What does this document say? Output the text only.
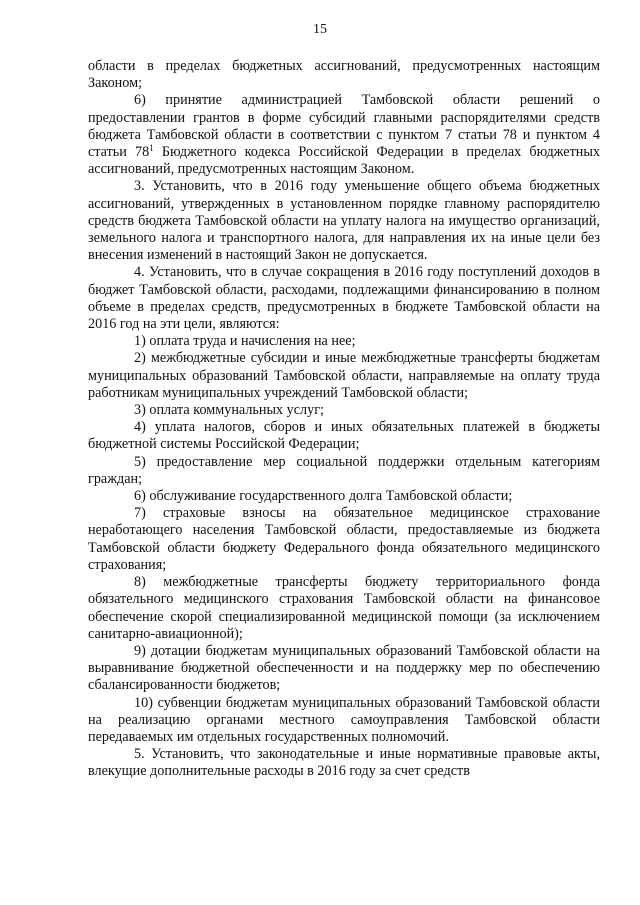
15

области в пределах бюджетных ассигнований, предусмотренных настоящим Законом;

6) принятие администрацией Тамбовской области решений о предоставлении грантов в форме субсидий главными распорядителями средств бюджета Тамбовской области в соответствии с пунктом 7 статьи 78 и пунктом 4 статьи $78^1$ Бюджетного кодекса Российской Федерации в пределах бюджетных ассигнований, предусмотренных настоящим Законом.

3. Установить, что в 2016 году уменьшение общего объема бюджетных ассигнований, утвержденных в установленном порядке главному распорядителю средств бюджета Тамбовской области на уплату налога на имущество организаций, земельного налога и транспортного налога, для направления их на иные цели без внесения изменений в настоящий Закон не допускается.

4. Установить, что в случае сокращения в 2016 году поступлений доходов в бюджет Тамбовской области, расходами, подлежащими финансированию в полном объеме в пределах средств, предусмотренных в бюджете Тамбовской области на 2016 год на эти цели, являются:

1) оплата труда и начисления на нее;

2) межбюджетные субсидии и иные межбюджетные трансферты бюджетам муниципальных образований Тамбовской области, направляемые на оплату труда работникам муниципальных учреждений Тамбовской области;

3) оплата коммунальных услуг;

4) уплата налогов, сборов и иных обязательных платежей в бюджеты бюджетной системы Российской Федерации;

5) предоставление мер социальной поддержки отдельным категориям граждан;

6) обслуживание государственного долга Тамбовской области;

7) страховые взносы на обязательное медицинское страхование неработающего населения Тамбовской области, предоставляемые из бюджета Тамбовской области бюджету Федерального фонда обязательного медицинского страхования;

8) межбюджетные трансферты бюджету территориального фонда обязательного медицинского страхования Тамбовской области на финансовое обеспечение скорой специализированной медицинской помощи (за исключением санитарно-авиационной);

9) дотации бюджетам муниципальных образований Тамбовской области на выравнивание бюджетной обеспеченности и на поддержку мер по обеспечению сбалансированности бюджетов;

10) субвенции бюджетам муниципальных образований Тамбовской области на реализацию органами местного самоуправления Тамбовской области передаваемых им отдельных государственных полномочий.

5. Установить, что законодательные и иные нормативные правовые акты, влекущие дополнительные расходы в 2016 году за счет средств
